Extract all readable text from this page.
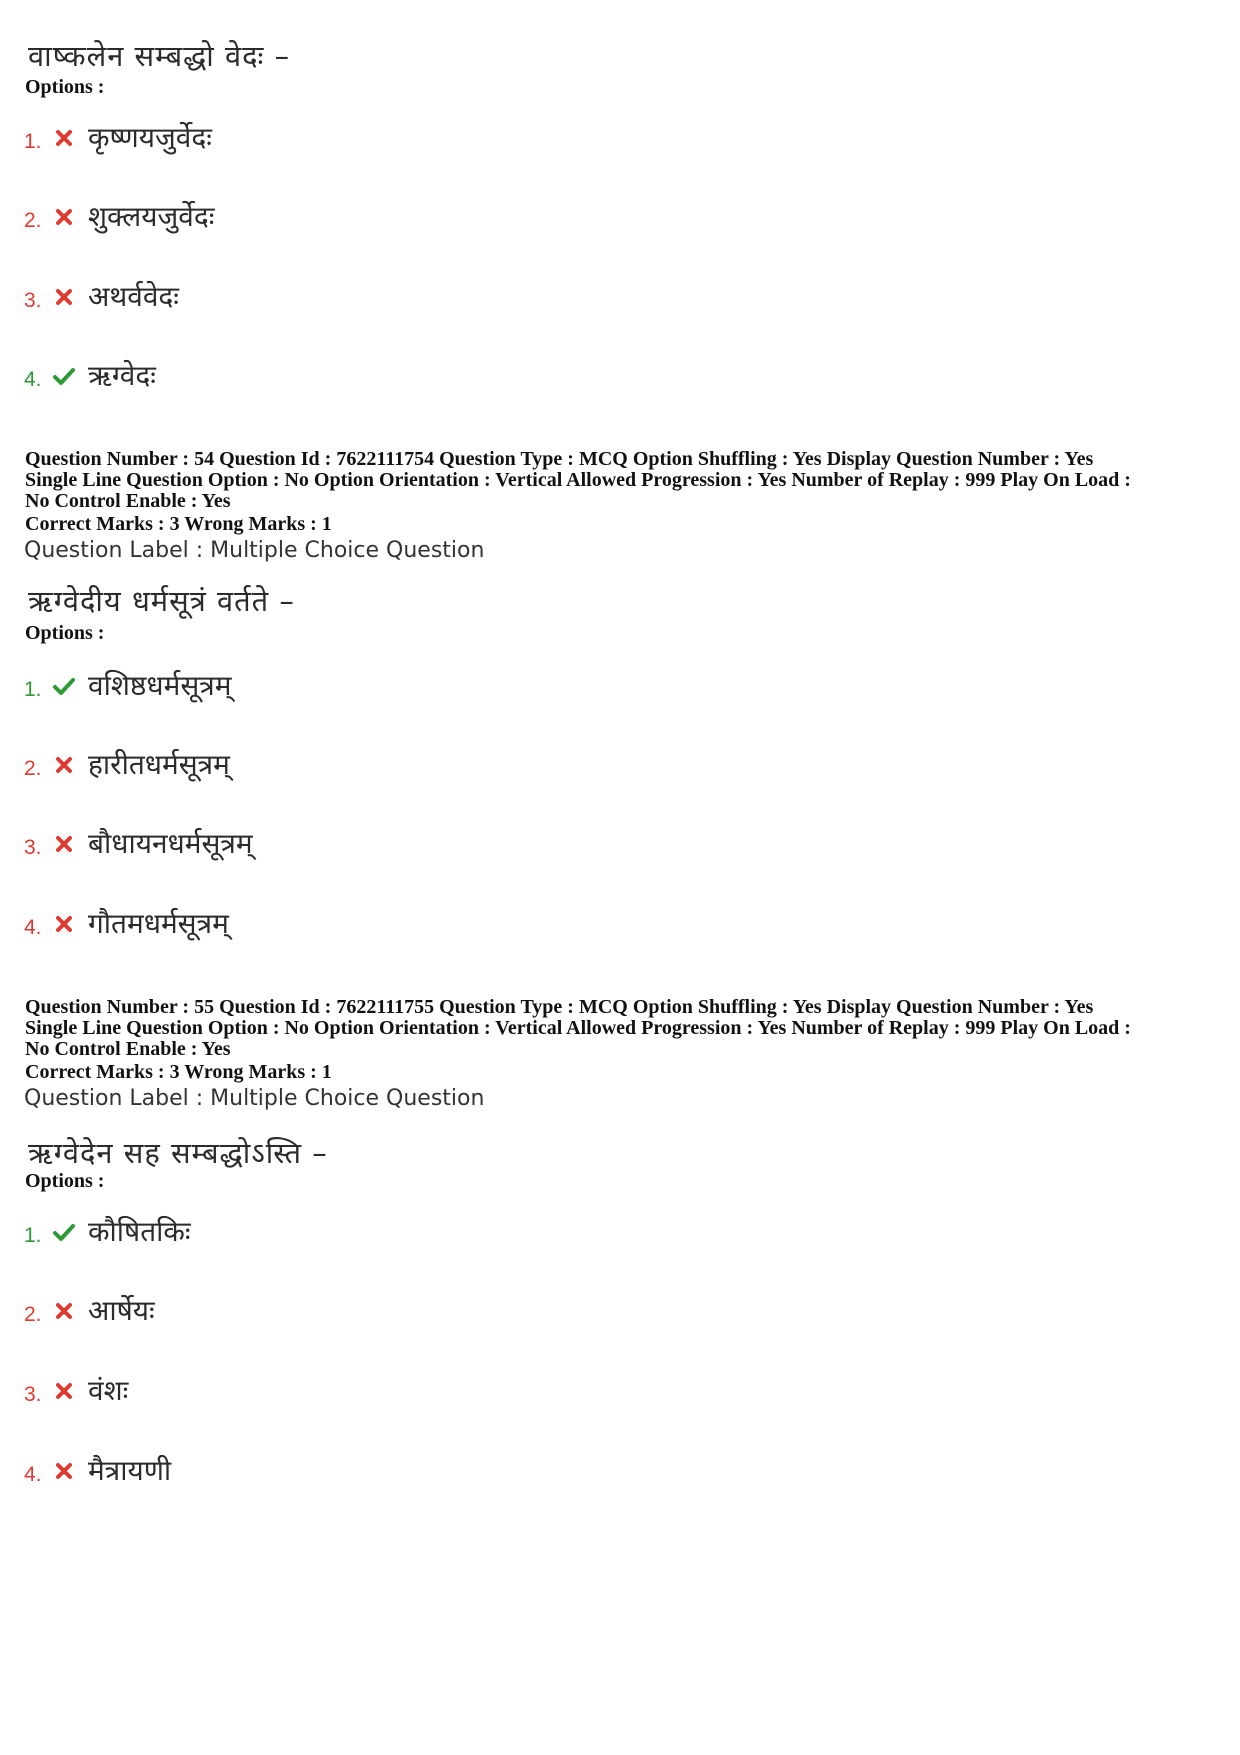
वाष्कलेन सम्बद्धो वेदः –
Options :
1. कृष्णयजुर्वेदः
2. शुक्लयजुर्वेदः
3. अथर्ववेदः
4. ऋग्वेदः
Question Number : 54 Question Id : 7622111754 Question Type : MCQ Option Shuffling : Yes Display Question Number : Yes
Single Line Question Option : No Option Orientation : Vertical Allowed Progression : Yes Number of Replay : 999 Play On Load :
No Control Enable : Yes
Correct Marks : 3 Wrong Marks : 1
Question Label : Multiple Choice Question
ऋग्वेदीय धर्मसूत्रं वर्तते –
Options :
1. वशिष्ठधर्मसूत्रम्
2. हारीतधर्मसूत्रम्
3. बौधायनधर्मसूत्रम्
4. गौतमधर्मसूत्रम्
Question Number : 55 Question Id : 7622111755 Question Type : MCQ Option Shuffling : Yes Display Question Number : Yes
Single Line Question Option : No Option Orientation : Vertical Allowed Progression : Yes Number of Replay : 999 Play On Load :
No Control Enable : Yes
Correct Marks : 3 Wrong Marks : 1
Question Label : Multiple Choice Question
ऋग्वेदेन सह सम्बद्धोऽस्ति –
Options :
1. कौषितकिः
2. आर्षेयः
3. वंशः
4. मैत्रायणी
